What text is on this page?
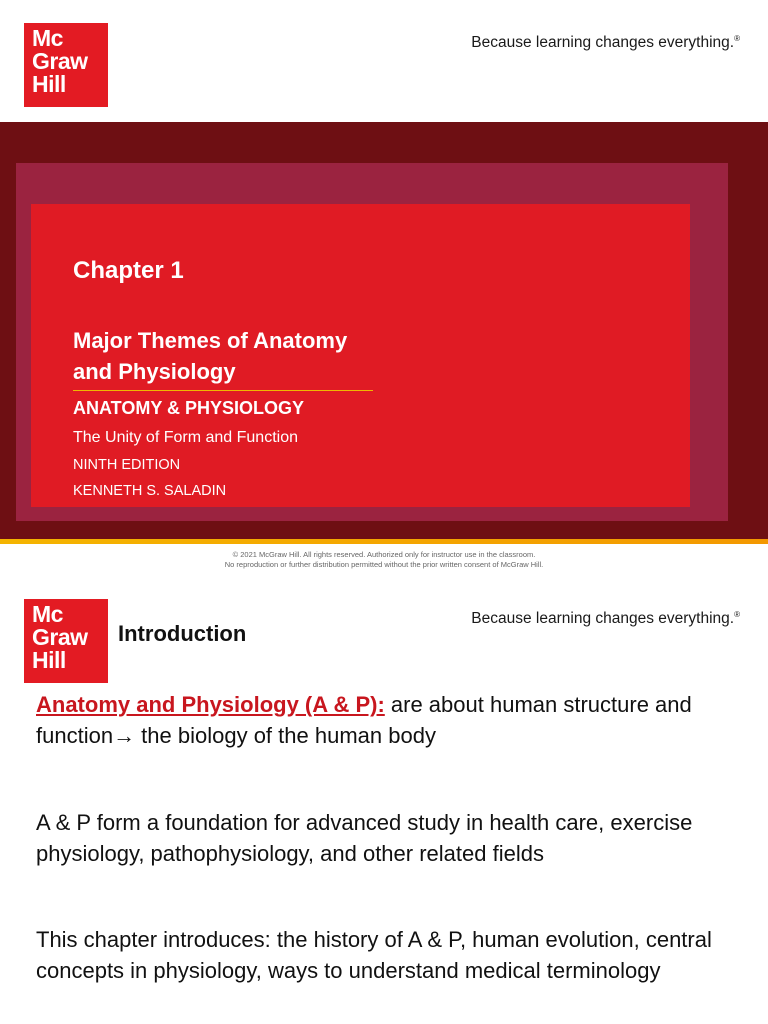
Mc
Graw
Hill
Because learning changes everything.®
Chapter 1
Major Themes of Anatomy
and Physiology
ANATOMY & PHYSIOLOGY
The Unity of Form and Function
NINTH EDITION
KENNETH S. SALADIN
© 2021 McGraw Hill. All rights reserved. Authorized only for instructor use in the classroom.
No reproduction or further distribution permitted without the prior written consent of McGraw Hill.
Mc
Graw
Hill
Because learning changes everything.®
Introduction
Anatomy and Physiology (A & P): are about human structure and function→ the biology of the human body
A & P form a foundation for advanced study in health care, exercise physiology, pathophysiology, and other related fields
This chapter introduces: the history of A & P, human evolution, central concepts in physiology, ways to understand medical terminology
